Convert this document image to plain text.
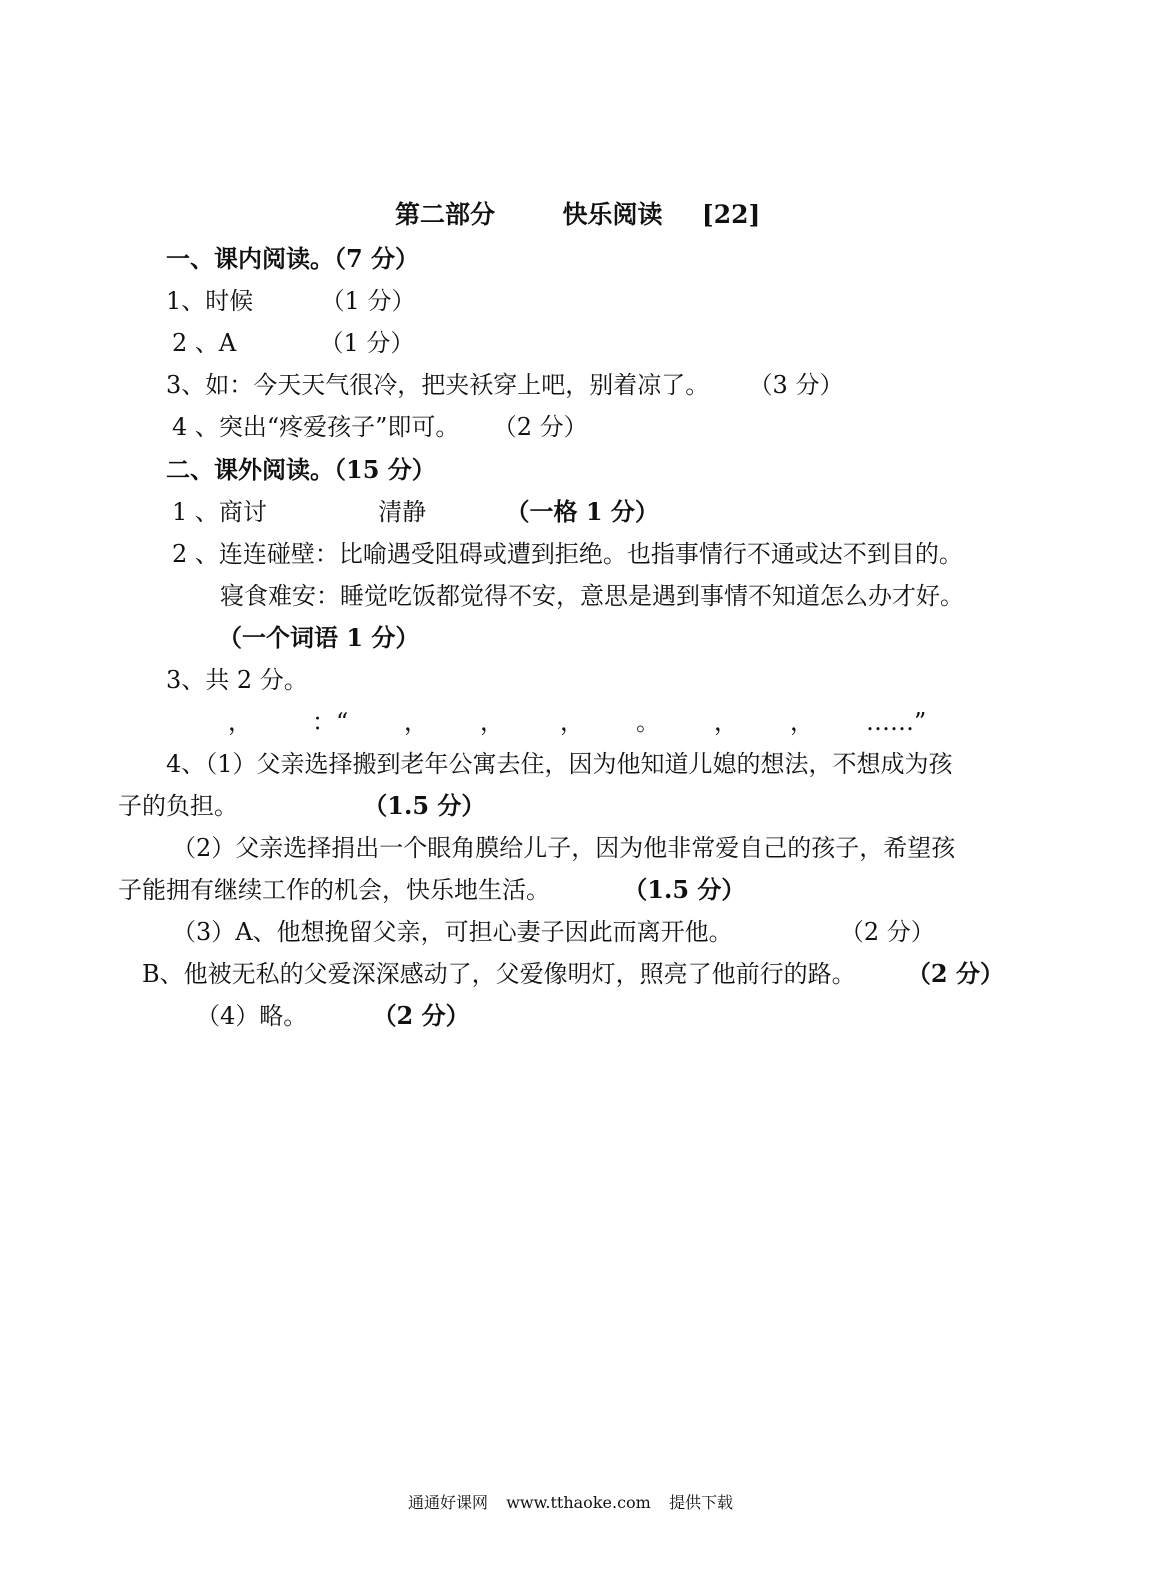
第二部分	快乐阅读 [22]
一、课内阅读。（7 分）
1、时候	（1 分）
2 、A	（1 分）
3、如：今天天气很冷，把夹袄穿上吧，别着凉了。 （3 分）
4 、突出“疼爱孩子”即可。 （2 分）
二、课外阅读。（15 分）
1 、商讨	清静	（一格 1 分）
2 、连连碰壁：比喻遇受阻碍或遭到拒绝。也指事情行不通或达不到目的。
寝食难安：睡觉吃饭都觉得不安，意思是遇到事情不知道怎么办才好。
（一个词语 1 分）
3、共 2 分。
，	：“ ， ， ， 。 ， ， ……”
4、（1）父亲选择搬到老年公寓去住，因为他知道儿媳的想法，不想成为孩
子的负担。	（1.5 分）
（2）父亲选择捐出一个眼角膜给儿子，因为他非常爱自己的孩子，希望孩
子能拥有继续工作的机会，快乐地生活。	（1.5 分）
（3）A、他想挽留父亲，可担心妻子因此而离开他。	（2 分）
B、他被无私的父爱深深感动了，父爱像明灯，照亮了他前行的路。 （2 分）
（4）略。	（2 分）
通通好课网 www.tthaoke.com 提供下载
